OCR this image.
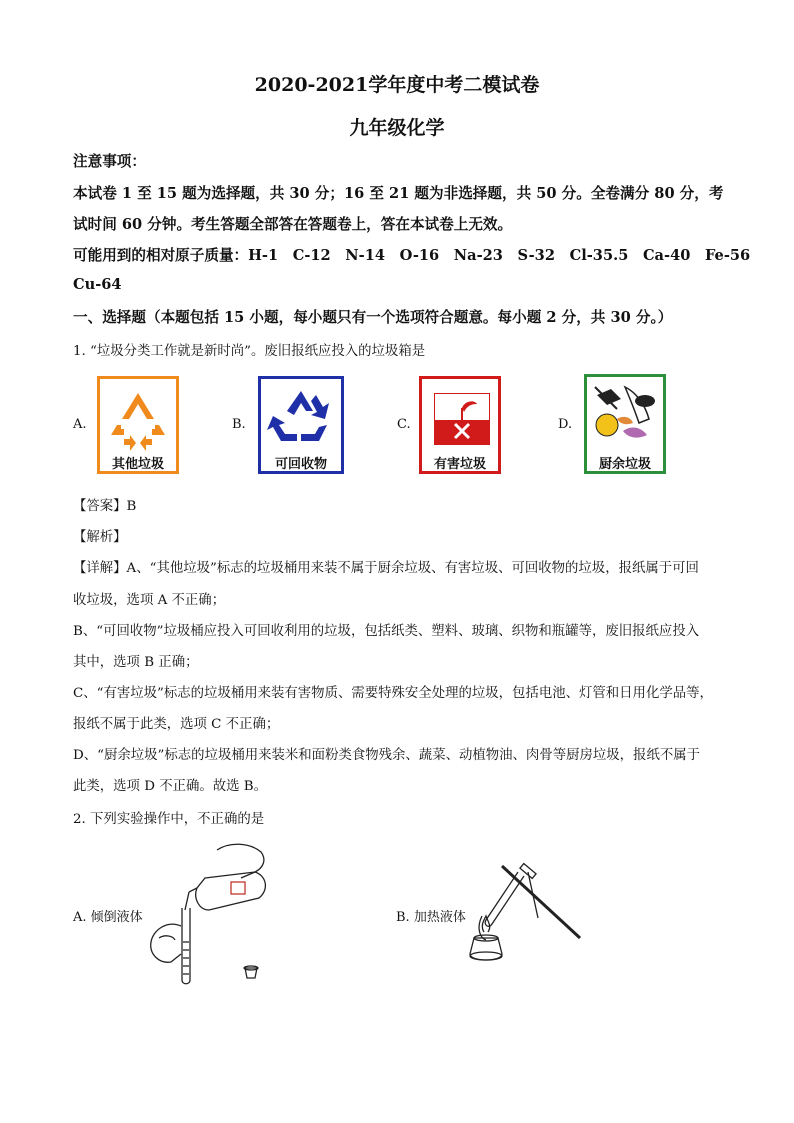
2020-2021学年度中考二模试卷
九年级化学
注意事项：
本试卷 1 至 15 题为选择题，共 30 分；16 至 21 题为非选择题，共 50 分。全卷满分 80 分，考
试时间 60 分钟。考生答题全部答在答题卷上，答在本试卷上无效。
可能用到的相对原子质量：H-1　C-12　N-14　O-16　Na-23　S-32　Cl-35.5　Ca-40　Fe-56
Cu-64
一、选择题（本题包括 15 小题，每小题只有一个选项符合题意。每小题 2 分，共 30 分。）
1. “垃圾分类工作就是新时尚”。废旧报纸应投入的垃圾箱是
A.
其他垃圾
B.
可回收物
C.
有害垃圾
D.
厨余垃圾
【答案】B
【解析】
【详解】A、“其他垃圾”标志的垃圾桶用来装不属于厨余垃圾、有害垃圾、可回收物的垃圾，报纸属于可回
收垃圾，选项 A 不正确；
B、“可回收物”垃圾桶应投入可回收利用的垃圾，包括纸类、塑料、玻璃、织物和瓶罐等，废旧报纸应投入
其中，选项 B 正确；
C、“有害垃圾”标志的垃圾桶用来装有害物质、需要特殊安全处理的垃圾，包括电池、灯管和日用化学品等，
报纸不属于此类，选项 C 不正确；
D、“厨余垃圾”标志的垃圾桶用来装米和面粉类食物残余、蔬菜、动植物油、肉骨等厨房垃圾，报纸不属于
此类，选项 D 不正确。故选 B。
2. 下列实验操作中，不正确的是
A. 倾倒液体	B. 加热液体
